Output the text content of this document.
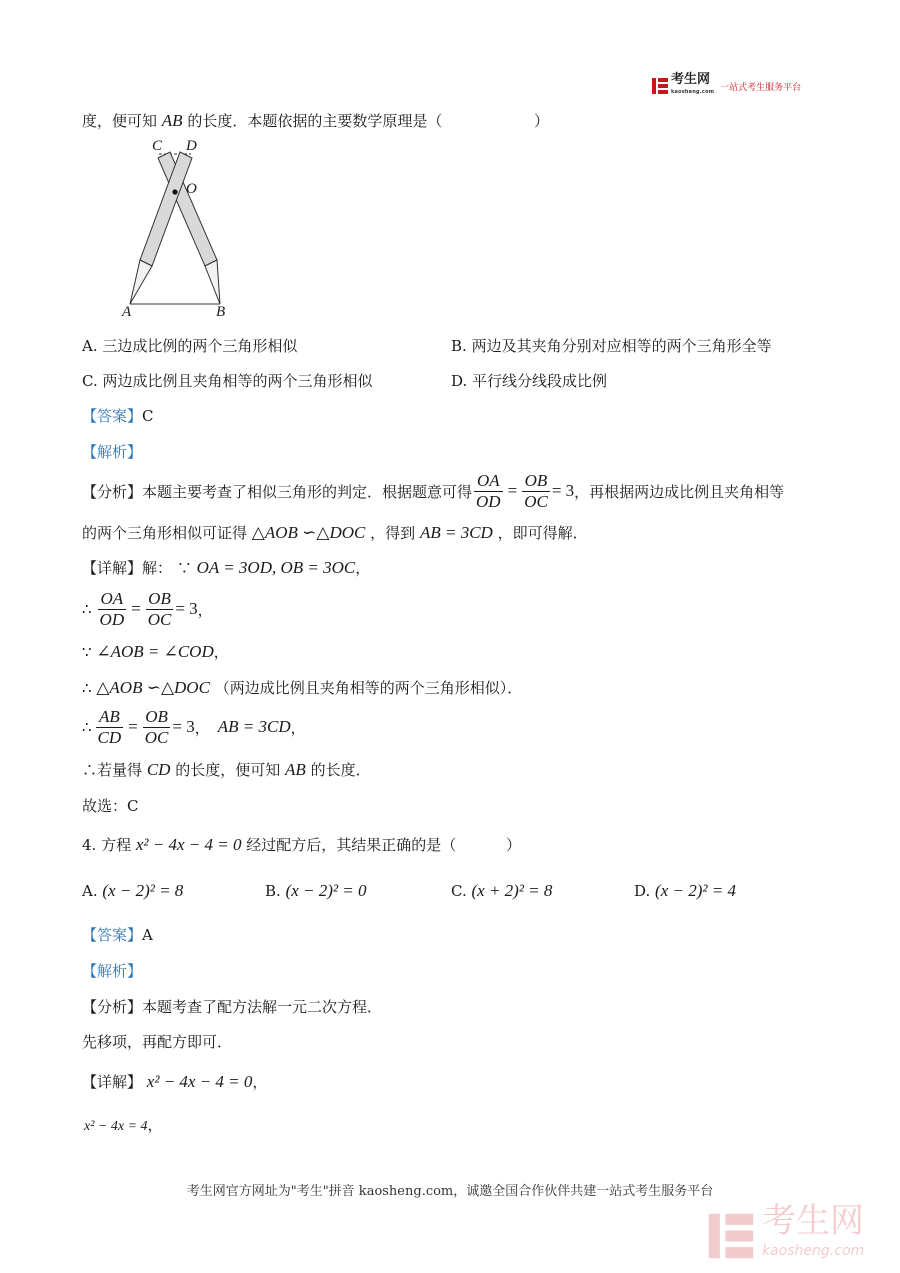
考生网
kaosheng.com 一站式考生服务平台
度，便可知 AB 的长度．本题依据的主要数学原理是（	）
C D
O
A	B
A. 三边成比例的两个三角形相似	B. 两边及其夹角分别对应相等的两个三角形全等
C. 两边成比例且夹角相等的两个三角形相似	D. 平行线分线段成比例
【答案】C
【解析】
【分析】 本题主要考查了相似三角形的判定．根据题意可得 $\frac{OA}{OD} = \frac{OB}{OC} = 3$ ，再根据两边成比例且夹角相等
的两个三角形相似可证得 △AOB ∽△DOC ，得到 AB = 3CD ，即可得解．
【详解】解： ∵ OA = 3OD, OB = 3OC，
∴ $\frac{OA}{OD} = \frac{OB}{OC} = 3$ ，
∵ ∠AOB = ∠COD，
∴ △AOB ∽△DOC （两边成比例且夹角相等的两个三角形相似）．
∴ $\frac{AB}{CD} = \frac{OB}{OC} = 3$ ， AB = 3CD ，
∴若量得 CD 的长度，便可知 AB 的长度．
故选：C
4. 方程 x² − 4x − 4 = 0 经过配方后，其结果正确的是（	）
A. (x − 2)² = 8	B. (x − 2)² = 0	C. (x + 2)² = 8	D. (x − 2)² = 4
【答案】A
【解析】
【分析】本题考查了配方法解一元二次方程．
先移项，再配方即可．
【详解】 x² − 4x − 4 = 0，
x² − 4x = 4，
考生网官方网址为"考生"拼音 kaosheng.com，诚邀全国合作伙伴共建一站式考生服务平台
考生网
kaosheng.com
